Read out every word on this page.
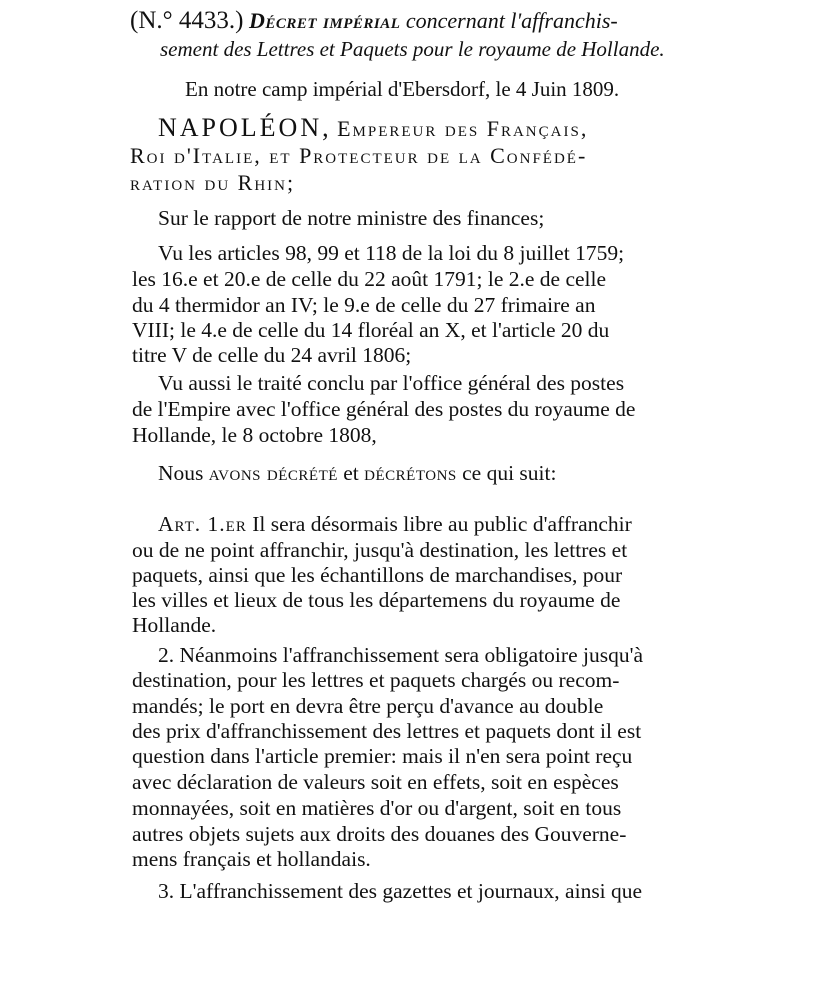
(N.° 4433.) Décret impérial concernant l'affranchis-
sement des Lettres et Paquets pour le royaume de Hollande.
En notre camp impérial d'Ebersdorf, le 4 Juin 1809.
NAPOLÉON, Empereur des Français,
Roi d'Italie, et Protecteur de la Confédé-
ration du Rhin;
Sur le rapport de notre ministre des finances;
Vu les articles 98, 99 et 118 de la loi du 8 juillet 1759;
les 16.e et 20.e de celle du 22 août 1791; le 2.e de celle
du 4 thermidor an IV; le 9.e de celle du 27 frimaire an
VIII; le 4.e de celle du 14 floréal an X, et l'article 20 du
titre V de celle du 24 avril 1806;
Vu aussi le traité conclu par l'office général des postes
de l'Empire avec l'office général des postes du royaume de
Hollande, le 8 octobre 1808,
Nous avons décrété et décrétons ce qui suit:
Art. 1.er Il sera désormais libre au public d'affranchir
ou de ne point affranchir, jusqu'à destination, les lettres et
paquets, ainsi que les échantillons de marchandises, pour
les villes et lieux de tous les départemens du royaume de
Hollande.
2. Néanmoins l'affranchissement sera obligatoire jusqu'à
destination, pour les lettres et paquets chargés ou recom-
mandés; le port en devra être perçu d'avance au double
des prix d'affranchissement des lettres et paquets dont il est
question dans l'article premier: mais il n'en sera point reçu
avec déclaration de valeurs soit en effets, soit en espèces
monnayées, soit en matières d'or ou d'argent, soit en tous
autres objets sujets aux droits des douanes des Gouverne-
mens français et hollandais.
3. L'affranchissement des gazettes et journaux, ainsi que
